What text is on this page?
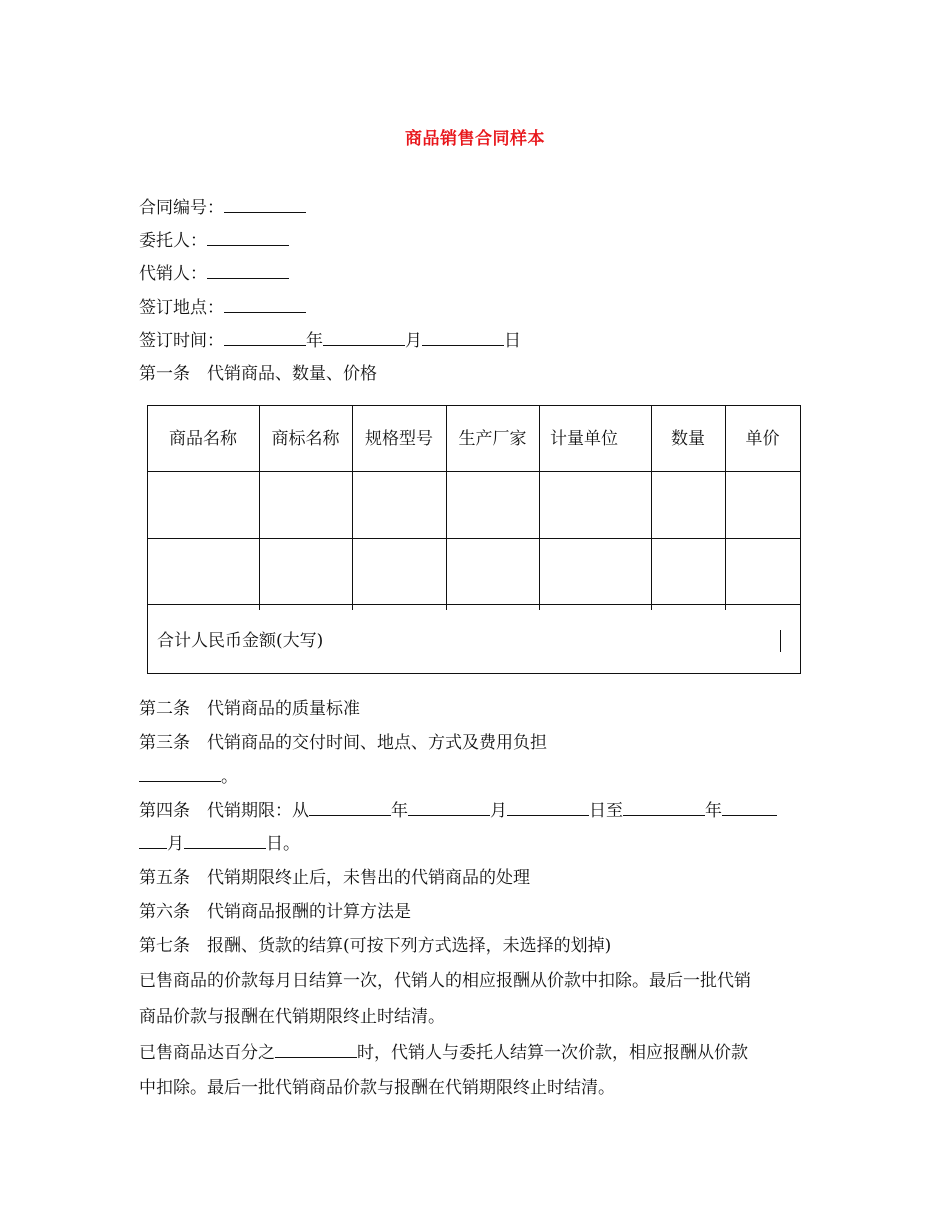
商品销售合同样本
合同编号：
委托人：
代销人：
签订地点：
签订时间：	年	月	日
第一条 代销商品、数量、价格
商品名称	商标名称	规格型号	生产厂家	计量单位	数量	单价
合计人民币金额(大写)
第二条 代销商品的质量标准
第三条 代销商品的交付时间、地点、方式及费用负担
。
第四条 代销期限：从	年	月	日至	年
月	日。
第五条 代销期限终止后，未售出的代销商品的处理
第六条 代销商品报酬的计算方法是
第七条 报酬、货款的结算(可按下列方式选择，未选择的划掉)
已售商品的价款每月日结算一次，代销人的相应报酬从价款中扣除。最后一批代销
商品价款与报酬在代销期限终止时结清。
已售商品达百分之	时，代销人与委托人结算一次价款，相应报酬从价款
中扣除。最后一批代销商品价款与报酬在代销期限终止时结清。
